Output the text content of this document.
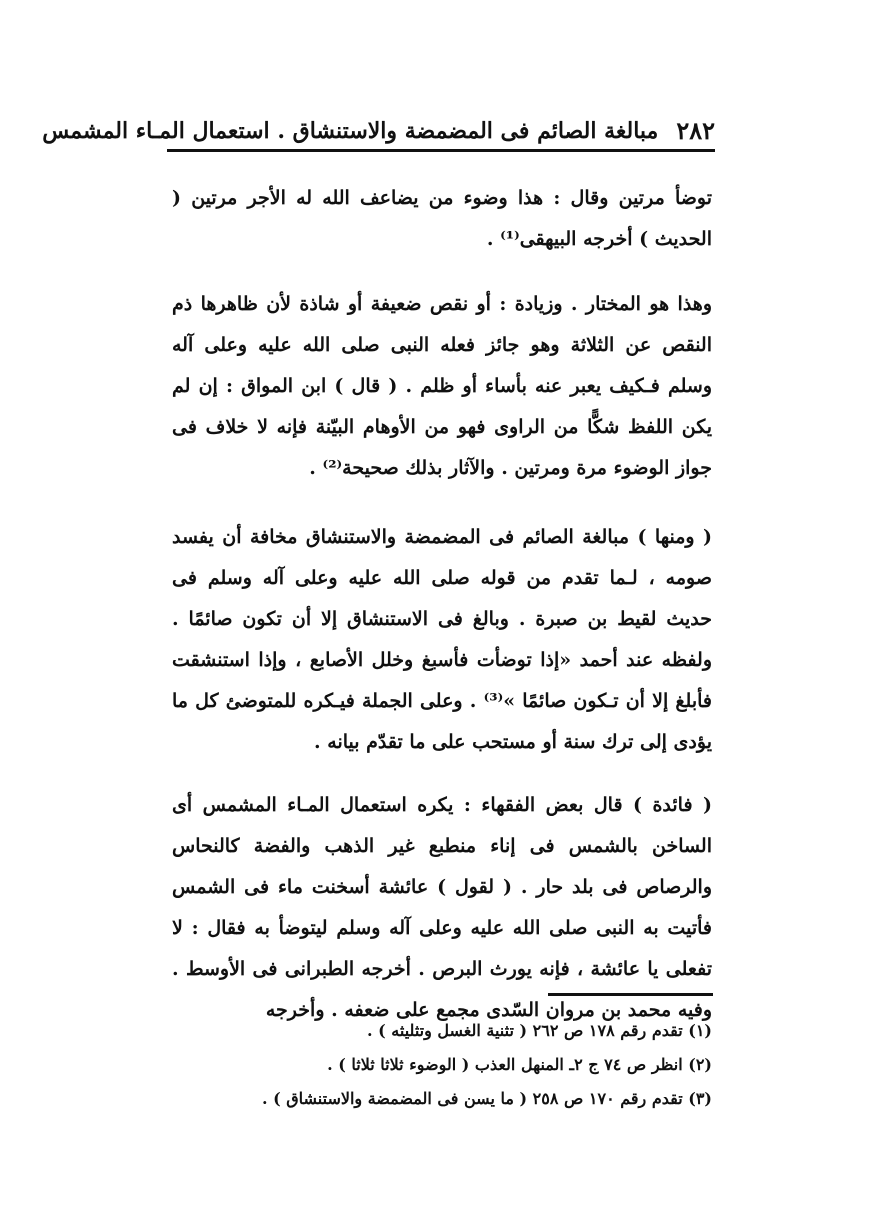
٢٨٢
مبالغة الصائم فى المضمضة والاستنشاق . استعمال المـاء المشمس

توضأ مرتين وقال : هذا وضوء من يضاعف الله له الأجر مرتين ( الحديث ) أخرجه البيهقى⁽¹⁾ .

وهذا هو المختار . وزيادة : أو نقص ضعيفة أو شاذة لأن ظاهرها ذم النقص عن الثلاثة وهو جائز فعله النبى صلى الله عليه وعلى آله وسلم فـكيف يعبر عنه بأساء أو ظلم . ( قال ) ابن المواق : إن لم يكن اللفظ شكًّا من الراوى فهو من الأوهام البيّنة فإنه لا خلاف فى جواز الوضوء مرة ومرتين . والآثار بذلك صحيحة⁽²⁾ .

( ومنها ) مبالغة الصائم فى المضمضة والاستنشاق مخافة أن يفسد صومه ، لـما تقدم من قوله صلى الله عليه وعلى آله وسلم فى حديث لقيط بن صبرة . وبالغ فى الاستنشاق إلا أن تكون صائمًا . ولفظه عند أحمد «إذا توضأت فأسبغ وخلل الأصابع ، وإذا استنشقت فأبلغ إلا أن تـكون صائمًا »⁽³⁾ . وعلى الجملة فيـكره للمتوضئ كل ما يؤدى إلى ترك سنة أو مستحب على ما تقدّم بيانه .

( فائدة ) قال بعض الفقهاء : يكره استعمال المـاء المشمس أى الساخن بالشمس فى إناء منطبع غير الذهب والفضة كالنحاس والرصاص فى بلد حار . ( لقول ) عائشة أسخنت ماء فى الشمس فأتيت به النبى صلى الله عليه وعلى آله وسلم ليتوضأ به فقال : لا تفعلى يا عائشة ، فإنه يورث البرص . أخرجه الطبرانى فى الأوسط . وفيه محمد بن مروان السّدى مجمع على ضعفه . وأخرجه

(١) تقدم رقم ١٧٨ ص ٢٦٢ ( تثنية الغسل وتثليثه ) .

(٢) انظر ص ٧٤ ج ٢ـ المنهل العذب ( الوضوء ثلاثا ثلاثا ) .

(٣) تقدم رقم ١٧٠ ص ٢٥٨ ( ما يسن فى المضمضة والاستنشاق ) .
